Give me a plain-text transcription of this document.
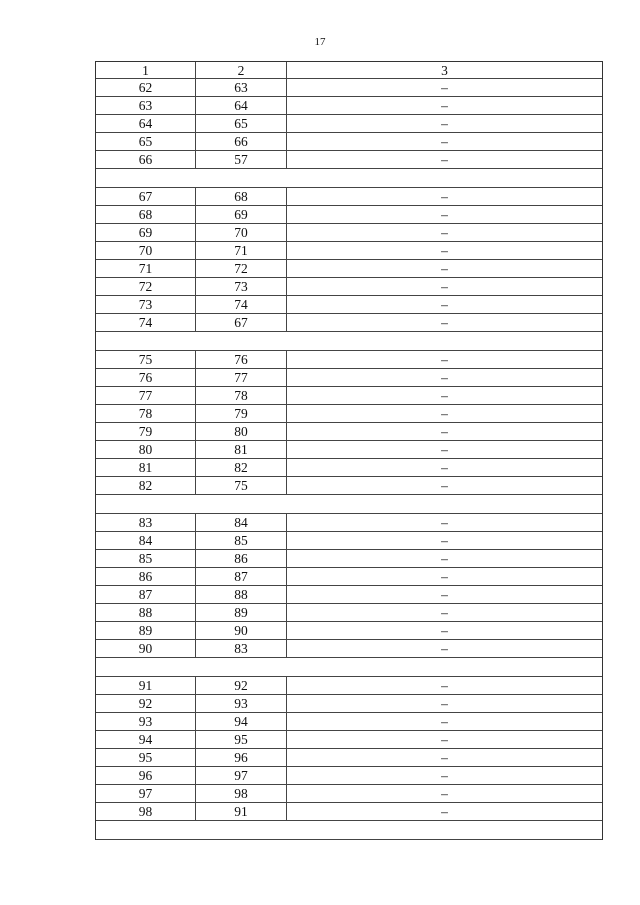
17
1	2	3
62	63	–
63	64	–
64	65	–
65	66	–
66	57	–
67	68	–
68	69	–
69	70	–
70	71	–
71	72	–
72	73	–
73	74	–
74	67	–
75	76	–
76	77	–
77	78	–
78	79	–
79	80	–
80	81	–
81	82	–
82	75	–
83	84	–
84	85	–
85	86	–
86	87	–
87	88	–
88	89	–
89	90	–
90	83	–
91	92	–
92	93	–
93	94	–
94	95	–
95	96	–
96	97	–
97	98	–
98	91	–
